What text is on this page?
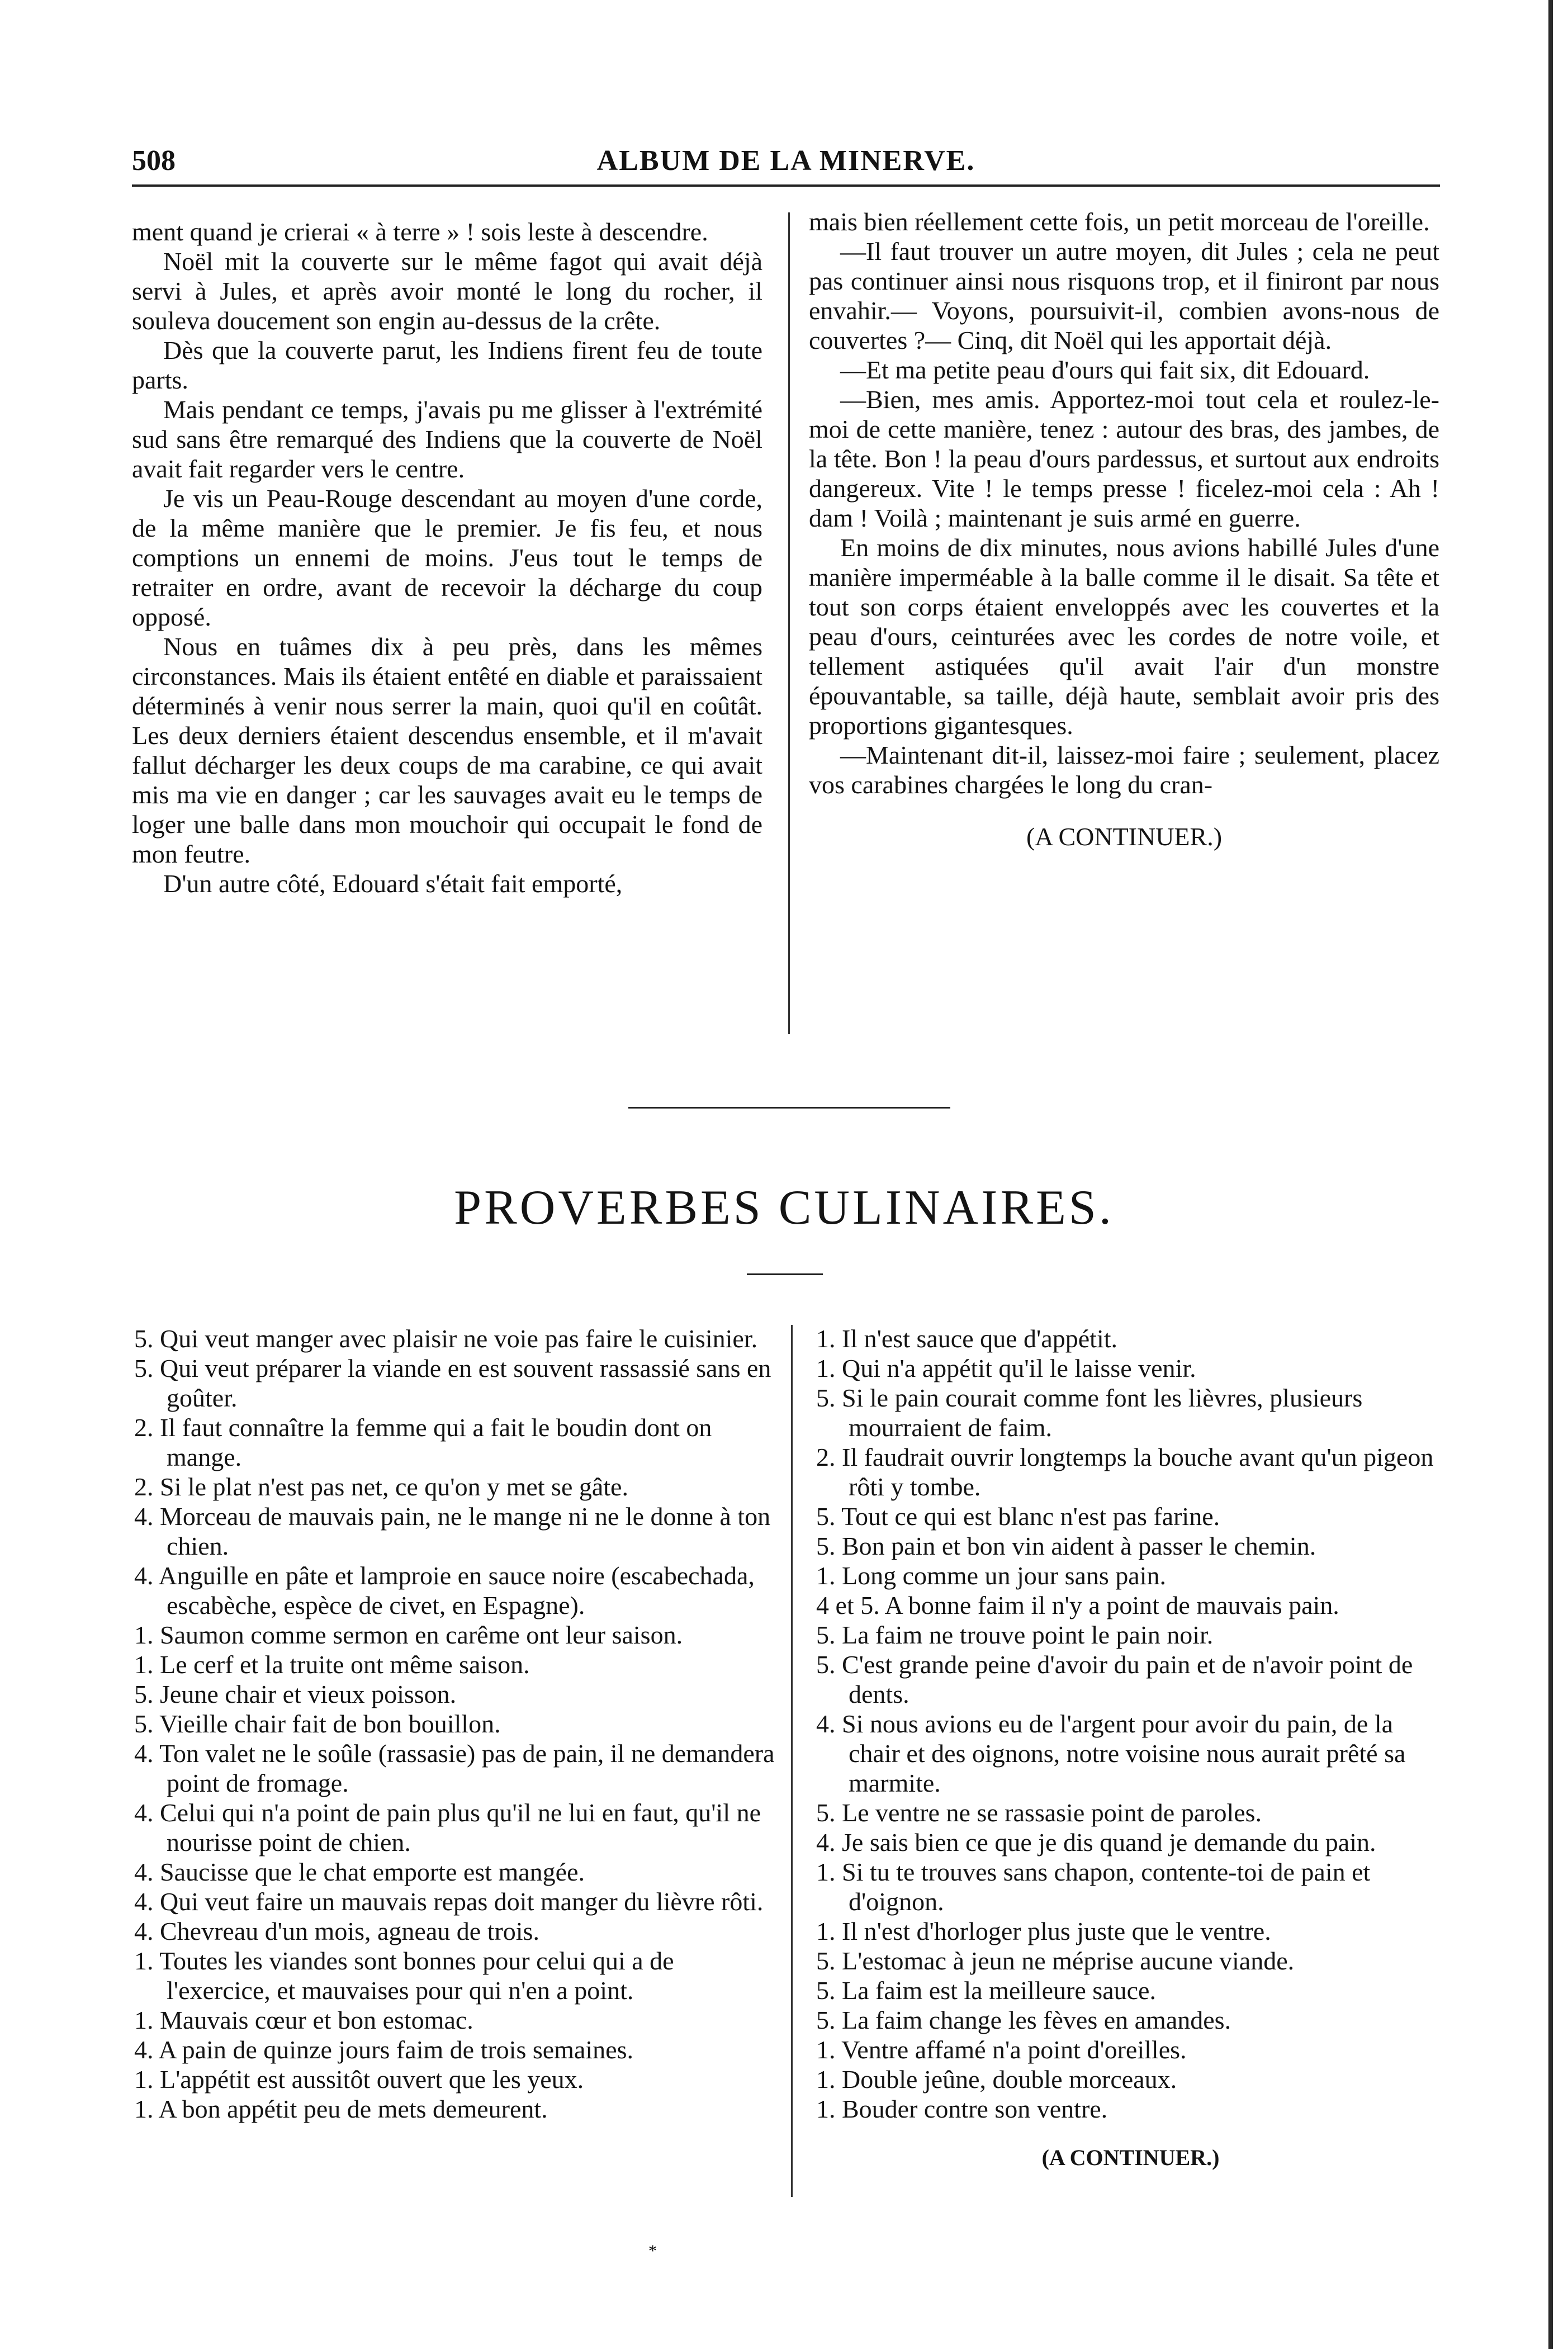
508	ALBUM DE LA MINERVE.

ment quand je crierai « à terre » ! sois leste à descendre.

Noël mit la couverte sur le même fagot qui avait déjà servi à Jules, et après avoir monté le long du rocher, il souleva doucement son engin au-dessus de la crête.

Dès que la couverte parut, les Indiens firent feu de toute parts.

Mais pendant ce temps, j'avais pu me glisser à l'extrémité sud sans être remarqué des Indiens que la couverte de Noël avait fait regarder vers le centre.

Je vis un Peau-Rouge descendant au moyen d'une corde, de la même manière que le premier. Je fis feu, et nous comptions un ennemi de moins. J'eus tout le temps de retraiter en ordre, avant de recevoir la décharge du coup opposé.

Nous en tuâmes dix à peu près, dans les mêmes circonstances. Mais ils étaient entêté en diable et paraissaient déterminés à venir nous serrer la main, quoi qu'il en coûtât. Les deux derniers étaient descendus ensemble, et il m'avait fallut décharger les deux coups de ma carabine, ce qui avait mis ma vie en danger ; car les sauvages avait eu le temps de loger une balle dans mon mouchoir qui occupait le fond de mon feutre.

D'un autre côté, Edouard s'était fait emporté,

mais bien réellement cette fois, un petit morceau de l'oreille.

—Il faut trouver un autre moyen, dit Jules ; cela ne peut pas continuer ainsi nous risquons trop, et il finiront par nous envahir.— Voyons, poursuivit-il, combien avons-nous de couvertes ?— Cinq, dit Noël qui les apportait déjà.

—Et ma petite peau d'ours qui fait six, dit Edouard.

—Bien, mes amis. Apportez-moi tout cela et roulez-le-moi de cette manière, tenez : autour des bras, des jambes, de la tête. Bon ! la peau d'ours pardessus, et surtout aux endroits dangereux. Vite ! le temps presse ! ficelez-moi cela : Ah ! dam ! Voilà ; maintenant je suis armé en guerre.

En moins de dix minutes, nous avions habillé Jules d'une manière imperméable à la balle comme il le disait. Sa tête et tout son corps étaient enveloppés avec les couvertes et la peau d'ours, ceinturées avec les cordes de notre voile, et tellement astiquées qu'il avait l'air d'un monstre épouvantable, sa taille, déjà haute, semblait avoir pris des proportions gigantesques.

—Maintenant dit-il, laissez-moi faire ; seulement, placez vos carabines chargées le long du cran-

(A CONTINUER.)

PROVERBES CULINAIRES.
5. Qui veut manger avec plaisir ne voie pas faire le cuisinier.
5. Qui veut préparer la viande en est souvent rassassié sans en goûter.
2. Il faut connaître la femme qui a fait le boudin dont on mange.
2. Si le plat n'est pas net, ce qu'on y met se gâte.
4. Morceau de mauvais pain, ne le mange ni ne le donne à ton chien.
4. Anguille en pâte et lamproie en sauce noire (escabechada, escabèche, espèce de civet, en Espagne).
1. Saumon comme sermon en carême ont leur saison.
1. Le cerf et la truite ont même saison.
5. Jeune chair et vieux poisson.
5. Vieille chair fait de bon bouillon.
4. Ton valet ne le soûle (rassasie) pas de pain, il ne demandera point de fromage.
4. Celui qui n'a point de pain plus qu'il ne lui en faut, qu'il ne nourisse point de chien.
4. Saucisse que le chat emporte est mangée.
4. Qui veut faire un mauvais repas doit manger du lièvre rôti.
4. Chevreau d'un mois, agneau de trois.
1. Toutes les viandes sont bonnes pour celui qui a de l'exercice, et mauvaises pour qui n'en a point.
1. Mauvais cœur et bon estomac.
4. A pain de quinze jours faim de trois semaines.
1. L'appétit est aussitôt ouvert que les yeux.
1. A bon appétit peu de mets demeurent.
1. Il n'est sauce que d'appétit.
1. Qui n'a appétit qu'il le laisse venir.
5. Si le pain courait comme font les lièvres, plusieurs mourraient de faim.
2. Il faudrait ouvrir longtemps la bouche avant qu'un pigeon rôti y tombe.
5. Tout ce qui est blanc n'est pas farine.
5. Bon pain et bon vin aident à passer le chemin.
1. Long comme un jour sans pain.
4 et 5. A bonne faim il n'y a point de mauvais pain.
5. La faim ne trouve point le pain noir.
5. C'est grande peine d'avoir du pain et de n'avoir point de dents.
4. Si nous avions eu de l'argent pour avoir du pain, de la chair et des oignons, notre voisine nous aurait prêté sa marmite.
5. Le ventre ne se rassasie point de paroles.
4. Je sais bien ce que je dis quand je demande du pain.
1. Si tu te trouves sans chapon, contente-toi de pain et d'oignon.
1. Il n'est d'horloger plus juste que le ventre.
5. L'estomac à jeun ne méprise aucune viande.
5. La faim est la meilleure sauce.
5. La faim change les fèves en amandes.
1. Ventre affamé n'a point d'oreilles.
1. Double jeûne, double morceaux.
1. Bouder contre son ventre.
(A CONTINUER.)
*
